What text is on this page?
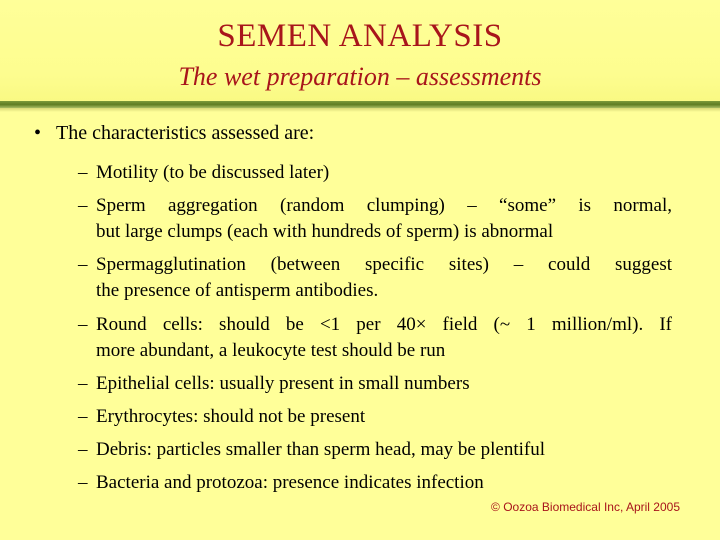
SEMEN ANALYSIS
The wet preparation – assessments
• The characteristics assessed are:
– Motility (to be discussed later)
– Sperm aggregation (random clumping) – “some” is normal,
but large clumps (each with hundreds of sperm) is abnormal
– Spermagglutination (between specific sites) – could suggest
the presence of antisperm antibodies.
– Round cells: should be <1 per 40× field (~ 1 million/ml). If
more abundant, a leukocyte test should be run
– Epithelial cells: usually present in small numbers
– Erythrocytes: should not be present
– Debris: particles smaller than sperm head, may be plentiful
– Bacteria and protozoa: presence indicates infection
© Oozoa Biomedical Inc, April 2005
